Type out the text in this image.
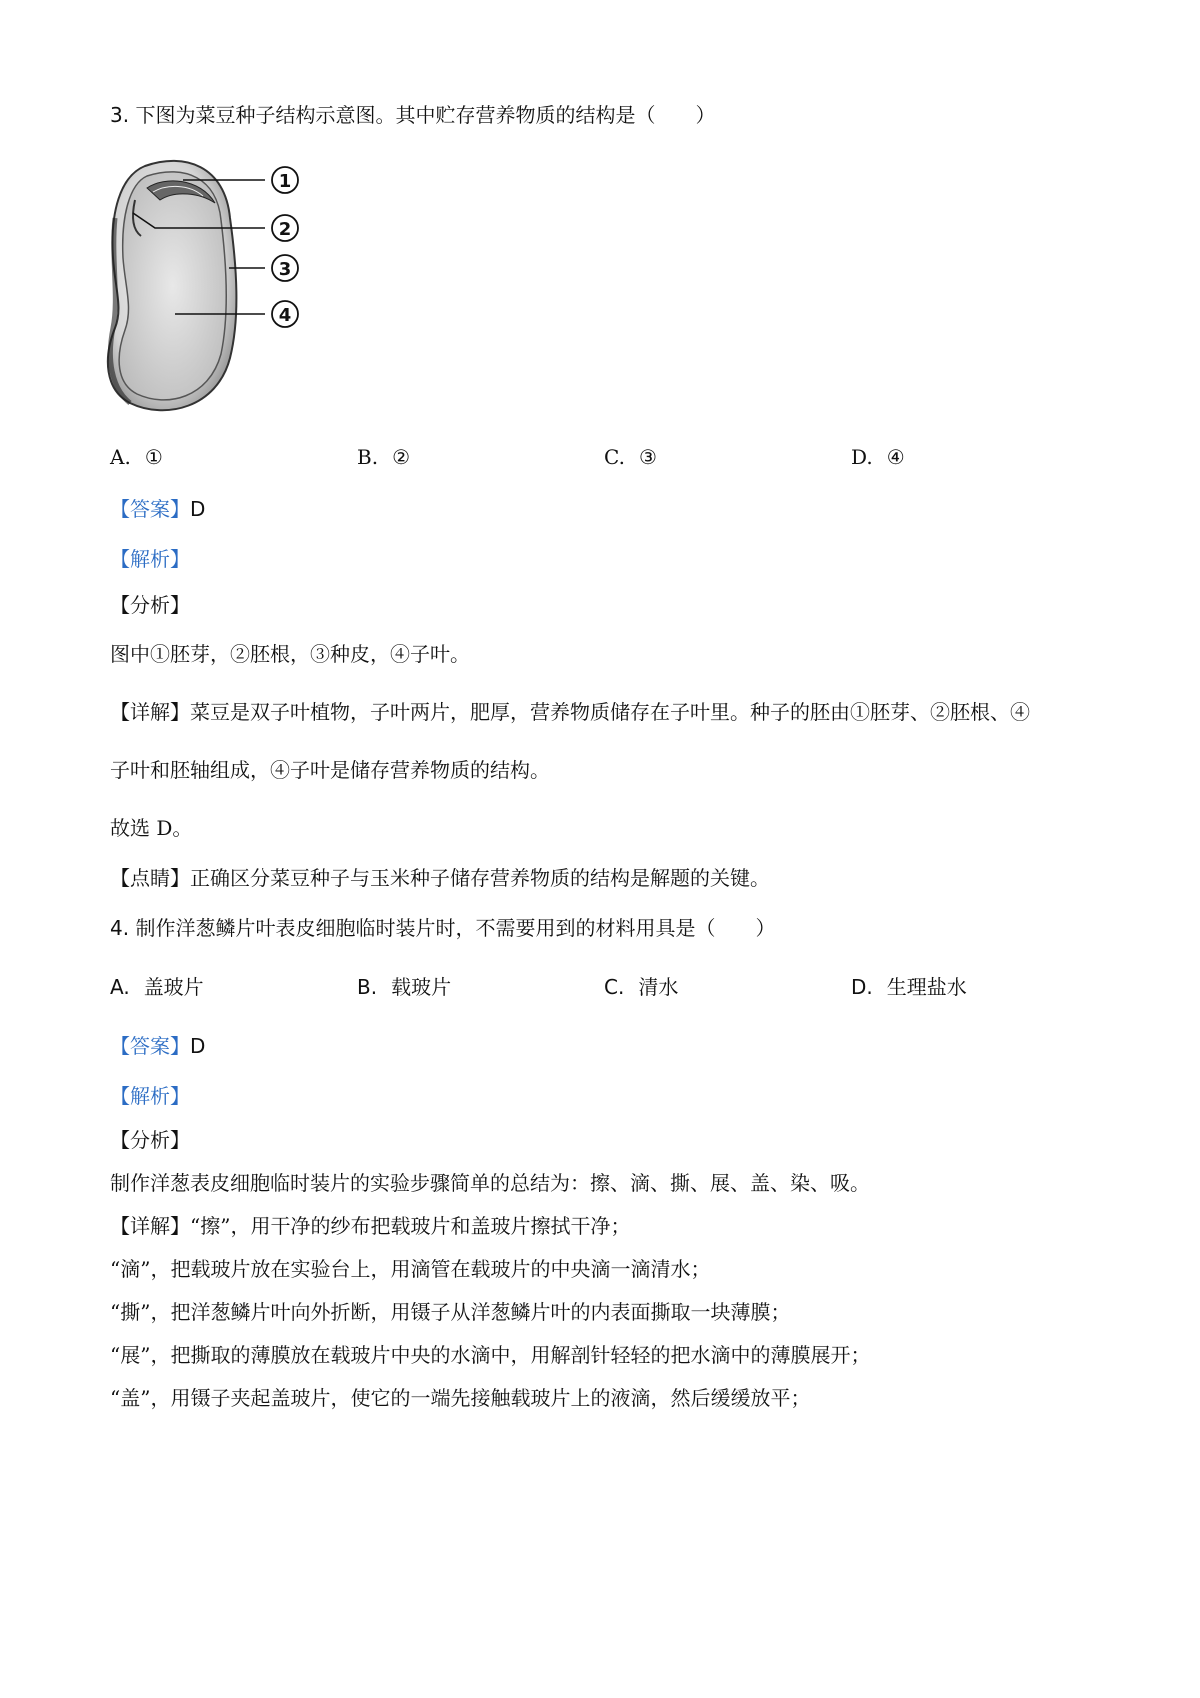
3. 下图为菜豆种子结构示意图。其中贮存营养物质的结构是（　　）
1
2
3
4
A. ①	B. ②	C. ③	D. ④
【答案】D
【解析】
【分析】
图中①胚芽，②胚根，③种皮，④子叶。
【详解】菜豆是双子叶植物，子叶两片，肥厚，营养物质储存在子叶里。种子的胚由①胚芽、②胚根、④
子叶和胚轴组成，④子叶是储存营养物质的结构。
故选 D。
【点睛】正确区分菜豆种子与玉米种子储存营养物质的结构是解题的关键。
4. 制作洋葱鳞片叶表皮细胞临时装片时，不需要用到的材料用具是（　　）
A. 盖玻片	B. 载玻片	C. 清水	D. 生理盐水
【答案】D
【解析】
【分析】
制作洋葱表皮细胞临时装片的实验步骤简单的总结为：擦、滴、撕、展、盖、染、吸。
【详解】“擦”，用干净的纱布把载玻片和盖玻片擦拭干净；
“滴”，把载玻片放在实验台上，用滴管在载玻片的中央滴一滴清水；
“撕”，把洋葱鳞片叶向外折断，用镊子从洋葱鳞片叶的内表面撕取一块薄膜；
“展”，把撕取的薄膜放在载玻片中央的水滴中，用解剖针轻轻的把水滴中的薄膜展开；
“盖”，用镊子夹起盖玻片，使它的一端先接触载玻片上的液滴，然后缓缓放平；
